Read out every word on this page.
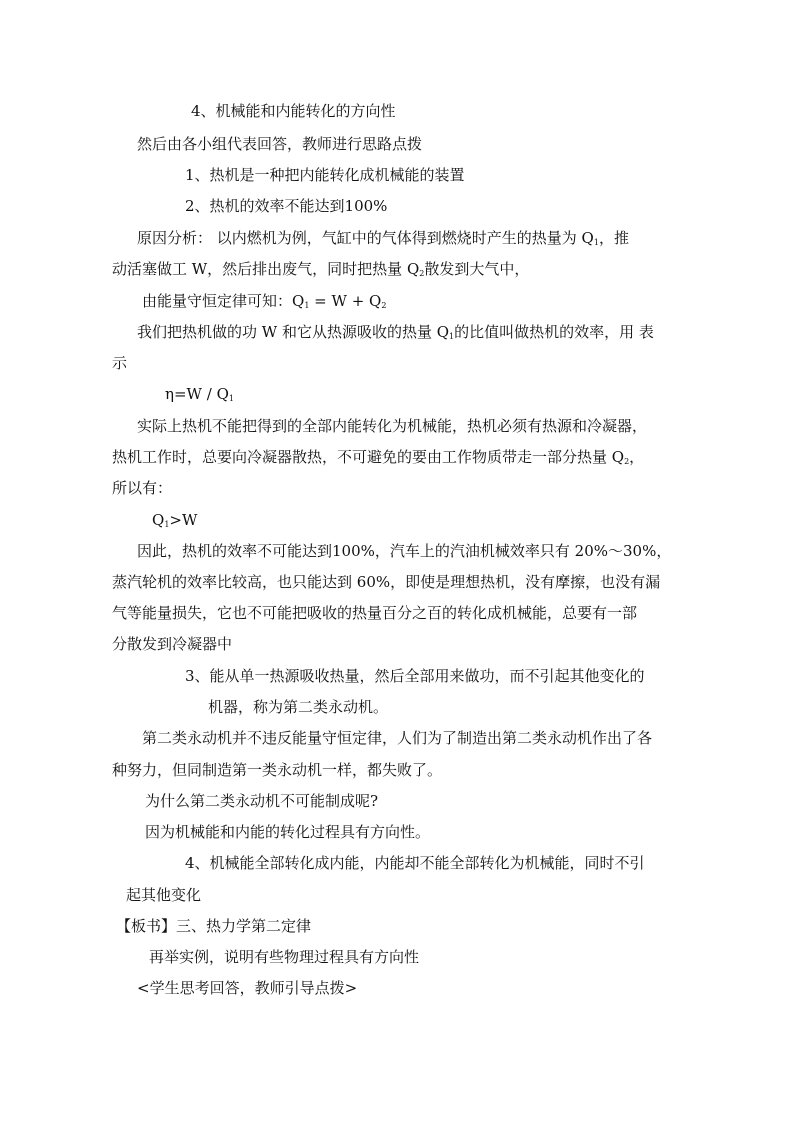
4、机械能和内能转化的方向性
然后由各小组代表回答，教师进行思路点拨
1、热机是一种把内能转化成机械能的装置
2、热机的效率不能达到100%
原因分析： 以内燃机为例，气缸中的气体得到燃烧时产生的热量为 $Q_1$，推
动活塞做工 W，然后排出废气，同时把热量 $Q_2$散发到大气中，
由能量守恒定律可知：$Q_1 = W + Q_2$
我们把热机做的功 W 和它从热源吸收的热量 $Q_1$的比值叫做热机的效率，用 表
示
$\eta=W / Q_1$
实际上热机不能把得到的全部内能转化为机械能，热机必须有热源和冷凝器，
热机工作时，总要向冷凝器散热，不可避免的要由工作物质带走一部分热量 $Q_2$，
所以有：
$Q_1>W$
因此，热机的效率不可能达到100%，汽车上的汽油机械效率只有 20%～30%，
蒸汽轮机的效率比较高，也只能达到 60%，即使是理想热机，没有摩擦，也没有漏
气等能量损失，它也不可能把吸收的热量百分之百的转化成机械能，总要有一部
分散发到冷凝器中
3、能从单一热源吸收热量，然后全部用来做功，而不引起其他变化的
机器，称为第二类永动机。
第二类永动机并不违反能量守恒定律，人们为了制造出第二类永动机作出了各
种努力，但同制造第一类永动机一样，都失败了。
为什么第二类永动机不可能制成呢?
因为机械能和内能的转化过程具有方向性。
4、机械能全部转化成内能，内能却不能全部转化为机械能，同时不引
起其他变化
【板书】三、热力学第二定律
再举实例，说明有些物理过程具有方向性
<学生思考回答，教师引导点拨>
